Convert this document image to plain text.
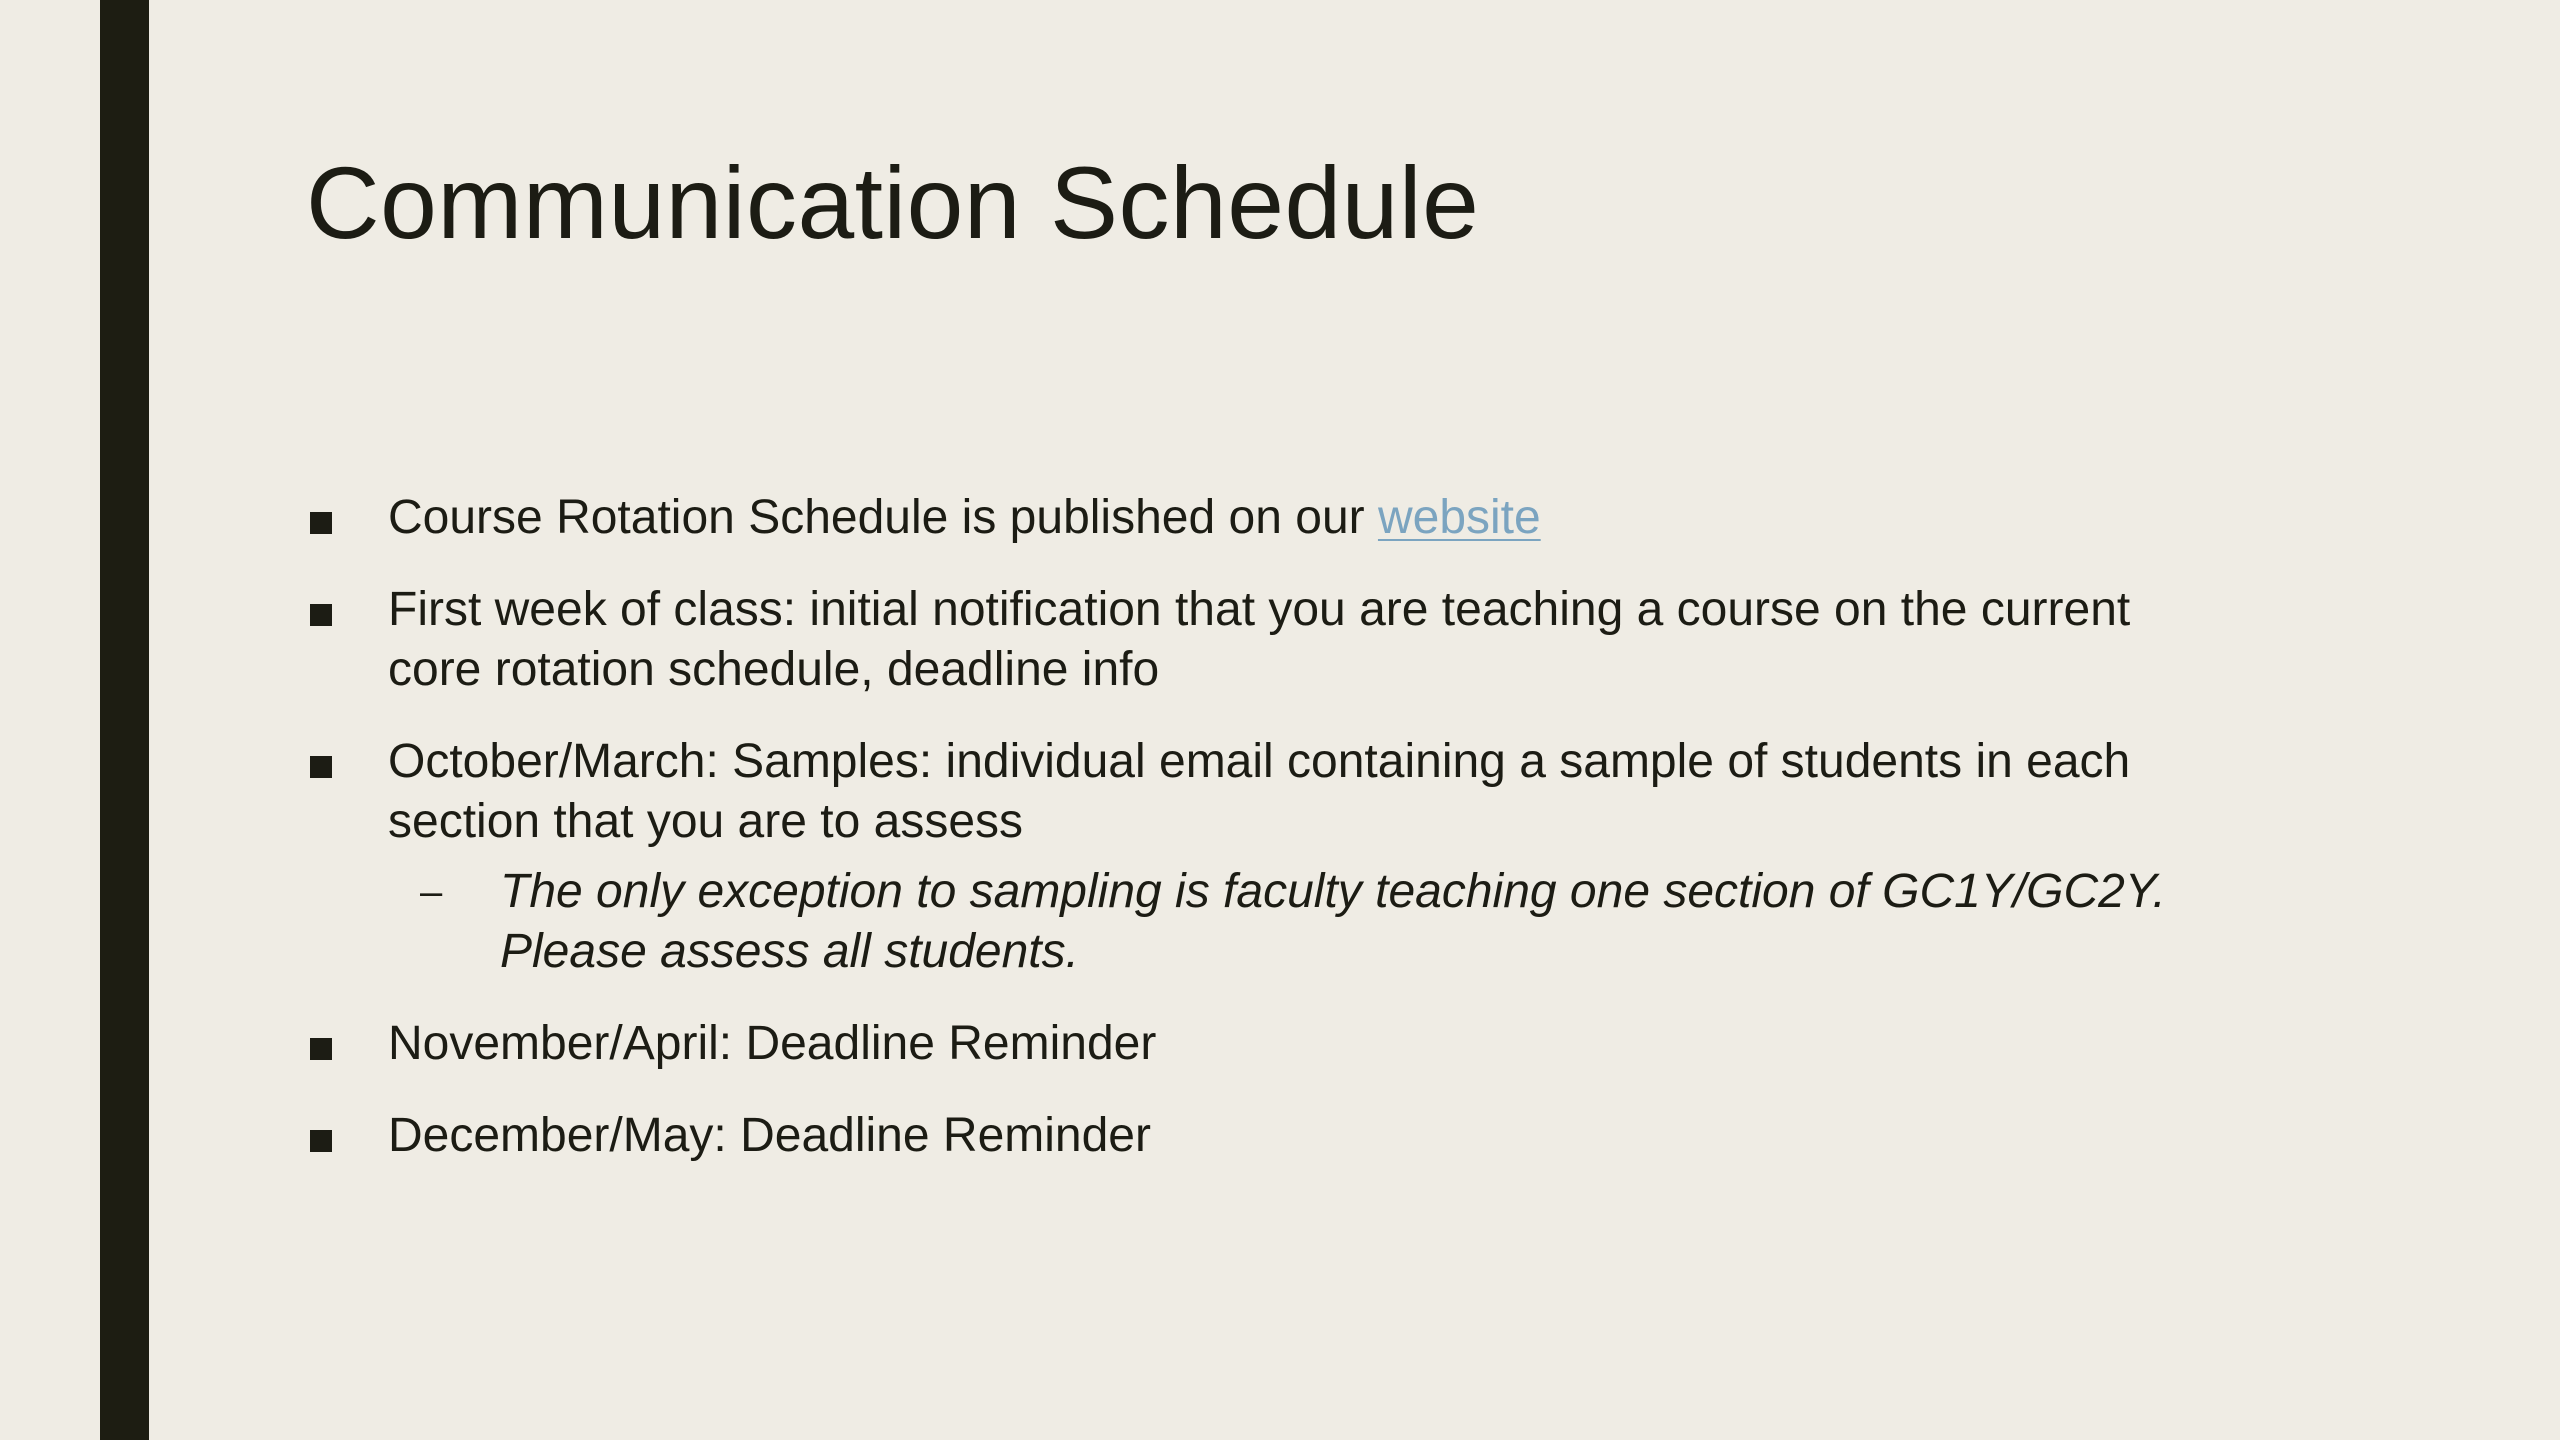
Communication Schedule
Course Rotation Schedule is published on our website
First week of class: initial notification that you are teaching a course on the current
core rotation schedule, deadline info
October/March: Samples: individual email containing a sample of students in each
section that you are to assess
– The only exception to sampling is faculty teaching one section of GC1Y/GC2Y.
Please assess all students.
November/April: Deadline Reminder
December/May: Deadline Reminder
